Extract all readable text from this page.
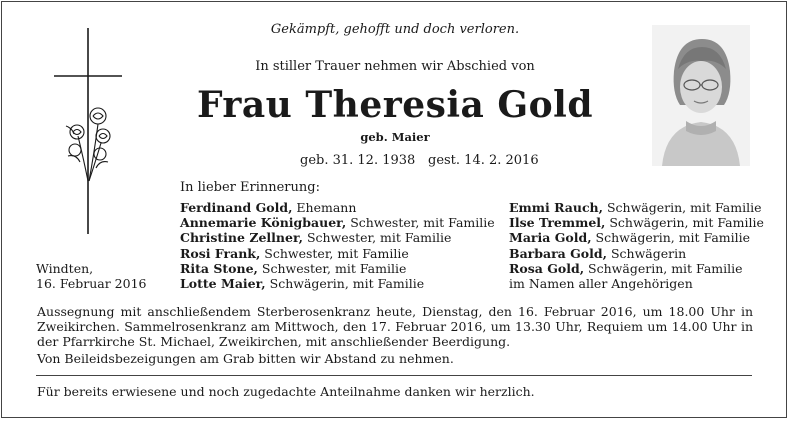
Gekämpft, gehofft und doch verloren.
In stiller Trauer nehmen wir Abschied von
Frau Theresia Gold
geb. Maier
geb. 31. 12. 1938 gest. 14. 2. 2016
In lieber Erinnerung:
Ferdinand Gold, Ehemann
Annemarie Königbauer, Schwester, mit Familie
Christine Zellner, Schwester, mit Familie
Rosi Frank, Schwester, mit Familie
Rita Stone, Schwester, mit Familie
Lotte Maier, Schwägerin, mit Familie
Emmi Rauch, Schwägerin, mit Familie
Ilse Tremmel, Schwägerin, mit Familie
Maria Gold, Schwägerin, mit Familie
Barbara Gold, Schwägerin
Rosa Gold, Schwägerin, mit Familie
im Namen aller Angehörigen
Windten,
16. Februar 2016
Aussegnung mit anschließendem Sterberosenkranz heute, Dienstag, den 16. Februar 2016, um 18.00 Uhr in Zweikirchen. Sammelrosenkranz am Mittwoch, den 17. Februar 2016, um 13.30 Uhr, Requiem um 14.00 Uhr in der Pfarrkirche St. Michael, Zweikirchen, mit anschließender Beerdigung.
Von Beileidsbezeigungen am Grab bitten wir Abstand zu nehmen.
Für bereits erwiesene und noch zugedachte Anteilnahme danken wir herzlich.
